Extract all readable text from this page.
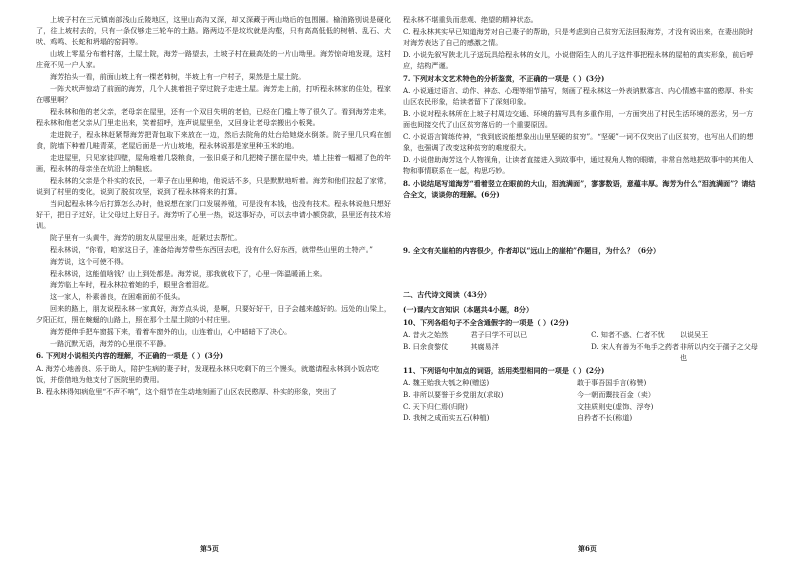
上坡子村在三元镇南部浅山丘陵地区，这里山高沟又深，却又深藏于两山坳后的包围圈。榆油路别说是硬化了，往上坡村去的，只有一条仅够走三轮车的土路。路两边不是坟坎就是沟壑，只有高高低低的树梢、乱石、犬吠、鸡鸣、长蛇和坍塌的窑洞等。

山坡上零星分布着村落，土屋土院，海芳一路望去，土坡子村在最高处的一片山坳里。海芳惊奇地发现，这村庄竟不见一户人家。

海芳抬头一看，前面山坡上有一棵老柿树，半坡上有一户村子，果然是土屋土院。

一阵犬吠声惊动了前面的海芳，几个人挑着担子穿过院子走进土屋。海芳走上前，打听程永林家的住处，程家在哪里啊？

程永林和他的老父亲，老母亲在屋里，还有一个双目失明的老伯，已经在门槛上等了很久了。看到海芳走来，程永林和他老父亲从门里走出来，笑着招呼，连声说屋里坐，又回身让老母亲搬出小板凳。

走进院子，程永林赶紧帮海芳把背包取下来放在一边，然后去院角的灶台给她烧水倒茶。院子里几只鸡在刨食，院墙下种着几畦青菜，老屋后面是一片山坡地，程永林说那是家里种玉米的地。

走进屋里，只见家徒四壁，屋角堆着几袋粮食，一张旧桌子和几把椅子摆在屋中央，墙上挂着一幅褪了色的年画，程永林的母亲坐在炕沿上纳鞋底。

程永林的父亲是个朴实的农民，一辈子在山里种地，他说话不多，只是默默地听着。海芳和他们拉起了家常，说到了村里的变化，说到了脱贫攻坚，说到了程永林将来的打算。

当问起程永林今后打算怎么办时，他说想在家门口发展养殖，可是没有本钱，也没有技术。程永林说他只想好好干，把日子过好，让父母过上好日子。海芳听了心里一热，说这事好办，可以去申请小额贷款，县里还有技术培训。

院子里有一头黄牛，海芳的朋友从屋里出来，赶紧过去帮忙。

程永林说，“你看，咱家这日子，准备给海芳带些东西回去吧，没有什么好东西，就带些山里的土特产。”

海芳说，这个可使不得。

程永林说，这能值啥钱？山上到处都是。海芳说，那我就收下了，心里一阵温暖涌上来。

海芳临上车时，程永林拉着她的手，眼里含着泪花。

这一家人，朴素善良，在困难面前不低头。

回来的路上，朋友说程永林一家真好，海芳点头说，是啊，只要好好干，日子会越来越好的。远处的山梁上，夕阳正红，照在蜿蜒的山路上，照在那个土屋土院的小村庄里。

海芳便伸手把车窗摇下来，看着车窗外的山，山连着山，心中暗暗下了决心。

一路沉默无语，海芳的心里很不平静。

6. 下列对小说相关内容的理解，不正确的一项是（ ）(3分)

A. 海芳心地善良、乐于助人，陪护生病的妻子时，发现程永林只吃剩下的三个馒头，就邀请程永林到小饭店吃饭，并偿借地为他支付了医院里的费用。

B. 程永林得知病危里“不声不响”，这个细节在生动地刻画了山区农民憨厚、朴实的形象，突出了

程永林不堪重负而悲观、绝望的精神状态。

C. 程永林其实早已知道海芳对自己妻子的帮助，只是考虑到自己贫穷无法回报海芳，才没有说出来，在妻出院时对海芳表达了自己的感激之情。

D. 小说先叙写陕北儿子送玩具给程永林的女儿，小说借陌生人的儿子这件事把程永林的屋柏的真实形象，前后呼应，结构严谨。

7. 下列对本文艺术特色的分析鉴赏，不正确的一项是（ ）(3分)

A. 小说通过语言、动作、神态、心理等细节描写，刻画了程永林这一外表讷默寡言、内心情感丰富的憨厚、朴实山区农民形象，给读者留下了深刻印象。

B. 小说对程永林所在上坡子村周边交通、环境的描写具有多重作用，一方面突出了村民生活环境的恶劣，另一方面也间接交代了山区贫穷落后的一个重要原因。

C. 小说语言简练传神，“我到底说能想象出山里坚硬的贫穷”。“坚硬”一词不仅突出了山区贫穷，也写出人们的想象，也强调了改变这种贫穷的难度很大。

D. 小说借助海芳这个人物视角，让读者直接进入到故事中，通过视角人物的眼睛，非常自然地把故事中的其他人物和事情联系在一起，构思巧妙。

8. 小说结尾写道海芳“看着竖立在眼前的大山，泪流满面”，寥寥数语，意蕴丰厚。海芳为什么“泪流满面”？请结合全文，谈谈你的理解。(6分)

9. 全文有关崖柏的内容很少，作者却以“远山上的崖柏”作题目，为什么？（6分）

二、古代诗文阅读（43分）

(一)课内文言知识（本题共4小题，8分）

10、下列各组句子不全含通假字的一项是（ ）(2分)

A. 昔火之始然	君子曰学不可以已	C. 知者不惑、仁者不忧	以说吴王
B. 曰余食黎仗	其腐易泮	D. 宋人有善为不龟手之药者 非所以内交于孺子之父母也

11、下列语句中加点的词语，活用类型相同的一项是（ ）(2分)

A. 魏王贻我大瓠之种(赠送)	敢于事吾国手言(称赞)
B. 非所以要誉于乡党朋友(求取)	今一朝而鬻技百金（卖）
C. 天下归仁焉(归附)	文挂质则史(虚饰、浮夸)
D. 我树之成而实五石(种植)	自矜者不长(称道)
第5页	第6页
